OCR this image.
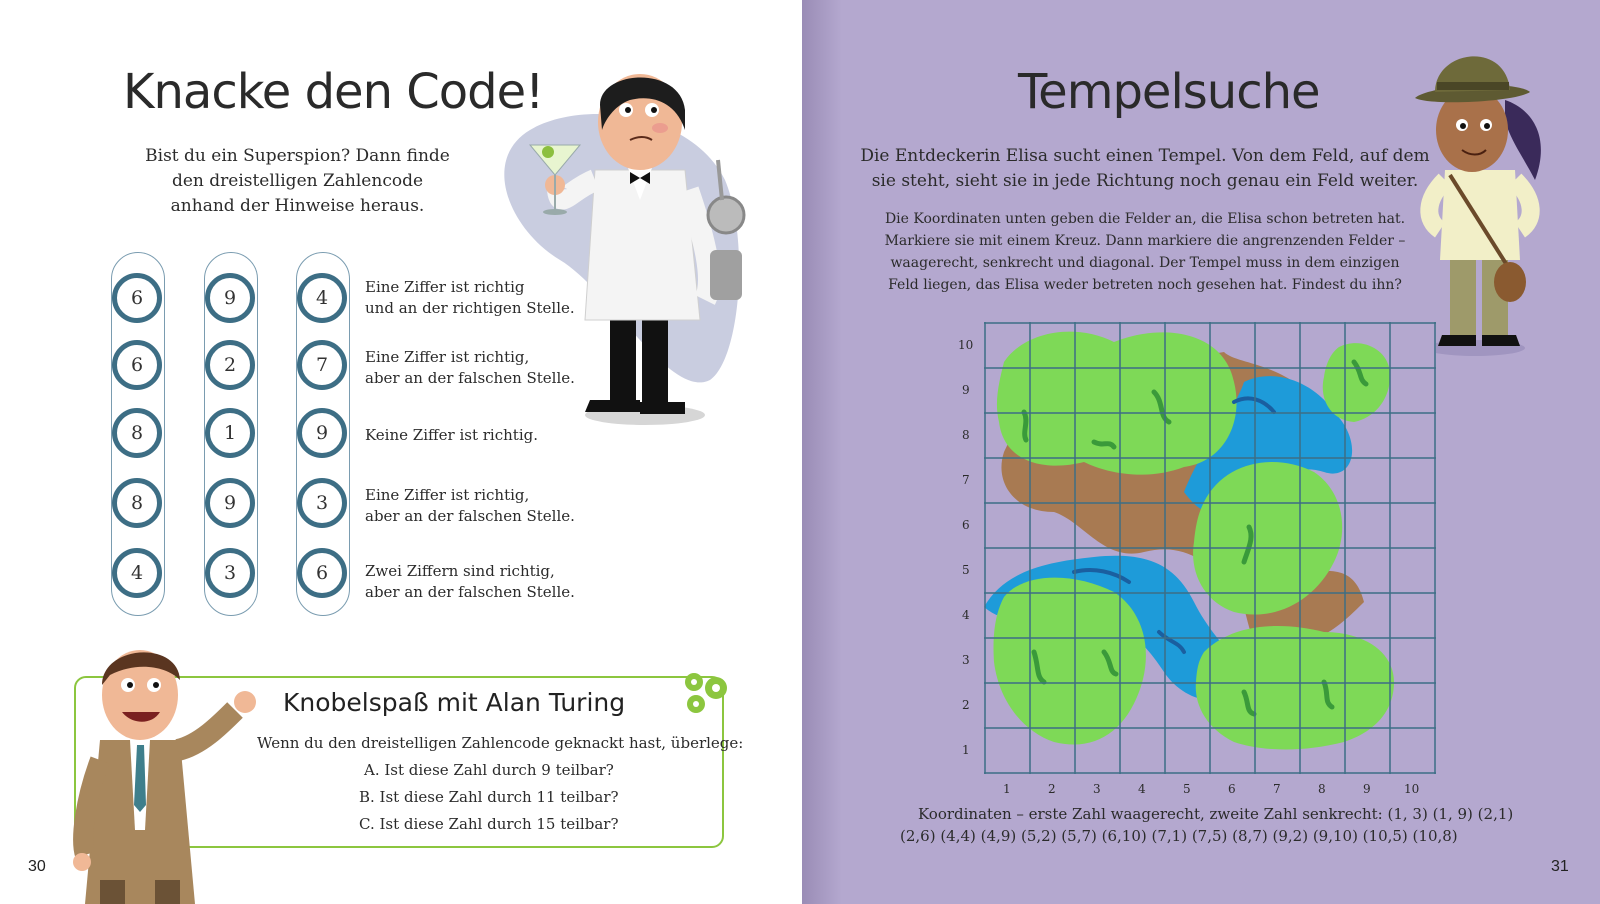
Knacke den Code!
Bist du ein Superspion? Dann finde
den dreistelligen Zahlencode
anhand der Hinweise heraus.
6	9	4	Eine Ziffer ist richtig
und an der richtigen Stelle.
6	2	7	Eine Ziffer ist richtig,
aber an der falschen Stelle.
8	1	9	Keine Ziffer ist richtig.
8	9	3	Eine Ziffer ist richtig,
aber an der falschen Stelle.
4	3	6	Zwei Ziffern sind richtig,
aber an der falschen Stelle.
Knobelspaß mit Alan Turing
Wenn du den dreistelligen Zahlencode geknackt hast, überlege:
A. Ist diese Zahl durch 9 teilbar?
B. Ist diese Zahl durch 11 teilbar?
C. Ist diese Zahl durch 15 teilbar?
30
Tempelsuche
Die Entdeckerin Elisa sucht einen Tempel. Von dem Feld, auf dem
sie steht, sieht sie in jede Richtung noch genau ein Feld weiter.
Die Koordinaten unten geben die Felder an, die Elisa schon betreten hat.
Markiere sie mit einem Kreuz. Dann markiere die angrenzenden Felder –
waagerecht, senkrecht und diagonal. Der Tempel muss in dem einzigen
Feld liegen, das Elisa weder betreten noch gesehen hat. Findest du ihn?
10
9
8
7
6
5
4
3
2
1
1	2	3	4	5	6	7	8	9	10
Koordinaten – erste Zahl waagerecht, zweite Zahl senkrecht: (1, 3) (1, 9) (2,1)
(2,6) (4,4) (4,9) (5,2) (5,7) (6,10) (7,1) (7,5) (8,7) (9,2) (9,10) (10,5) (10,8)
31
